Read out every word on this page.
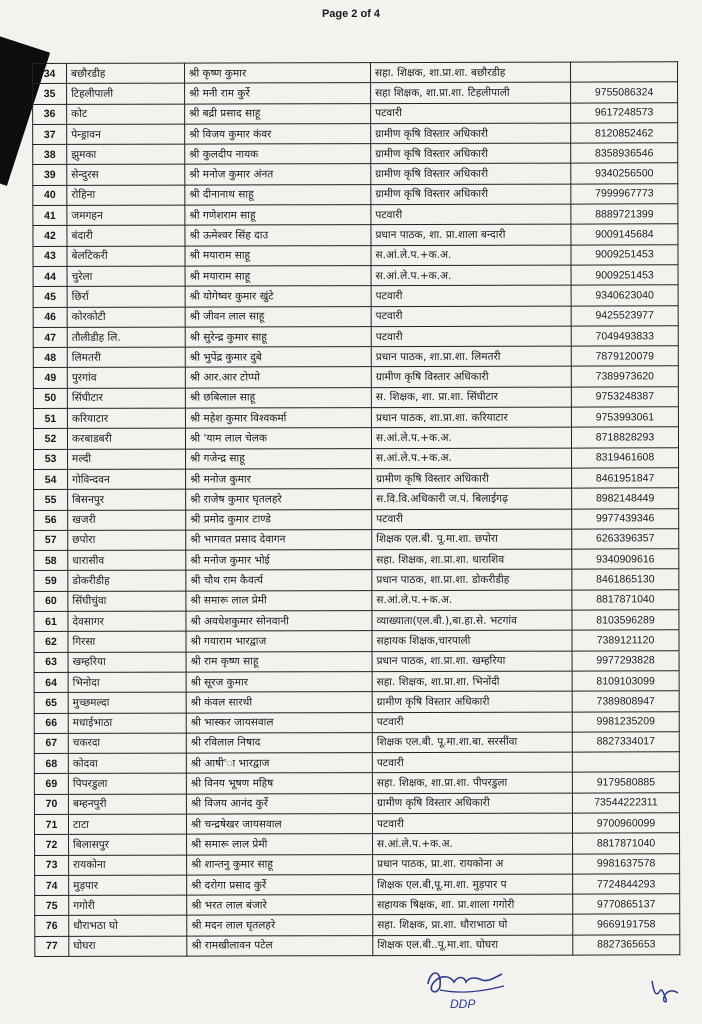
Page 2 of 4
34	बछौरडीह	श्री कृष्ण कुमार	सहा. शिक्षक, शा.प्रा.शा. बछौरडीह	
35	टिहलीपाली	श्री मनी राम कुर्रे	सहा शिक्षक, शा.प्रा.शा. टिहलीपाली	9755086324
36	कोट	श्री बद्री प्रसाद साहू	पटवारी	9617248573
37	पेन्ड्रावन	श्री विजय कुमार कंवर	ग्रामीण कृषि विस्तार अधिकारी	8120852462
38	झुमका	श्री कुलदीप नायक	ग्रामीण कृषि विस्तार अधिकारी	8358936546
39	सेन्दुरस	श्री मनोज कुमार अंनत	ग्रामीण कृषि विस्तार अधिकारी	9340256500
40	रोहिना	श्री दीनानाथ साहू	ग्रामीण कृषि विस्तार अधिकारी	7999967773
41	जमगहन	श्री गणेशराम साहू	पटवारी	8889721399
42	बंदारी	श्री ऊमेश्वर सिंह दाउ	प्रधान पाठक, शा. प्रा.शाला बन्दारी	9009145684
43	बेलटिकरी	श्री मयाराम साहू	स.आं.ले.प.+क.अ.	9009251453
44	चुरेला	श्री मयाराम साहू	स.आं.ले.प.+क.अ.	9009251453
45	छिर्रा	श्री योगेष्वर कुमार खुंटे	पटवारी	9340623040
46	कोरकोटी	श्री जीवन लाल साहू	पटवारी	9425523977
47	तौलीडीह लि.	श्री सुरेन्द्र कुमार साहू	पटवारी	7049493833
48	लिमतरी	श्री भुपेंद्र कुमार दुबे	प्रधान पाठक, शा.प्रा.शा. लिमतरी	7879120079
49	पुरगांव	श्री आर.आर टोप्पो	ग्रामीण कृषि विस्तार अधिकारी	7389973620
50	सिंघीटार	श्री छबिलाल साहू	स. शिक्षक, शा. प्रा.शा. सिंघीटार	9753248387
51	करियाटार	श्री महेश कुमार विश्वकर्मा	प्रधान पाठक, शा.प्रा.शा. करियाटार	9753993061
52	करबाडबरी	श्री 'याम लाल चेलक	स.आं.ले.प.+क.अ.	8718828293
53	मल्दी	श्री गजेन्द्र साहू	स.आं.ले.प.+क.अ.	8319461608
54	गोविन्दवन	श्री मनोज कुमार	ग्रामीण कृषि विस्तार अधिकारी	8461951847
55	बिसनपुर	श्री राजेष कुमार घृतलहरे	स.वि.वि.अधिकारी ज.पं. बिलाईगढ़	8982148449
56	खजरी	श्री प्रमोद कुमार टाण्डे	पटवारी	9977439346
57	छपोरा	श्री भागवत प्रसाद देवागन	शिक्षक एल.बी. पू.मा.शा. छपोरा	6263396357
58	धारासीव	श्री मनोज कुमार भोई	सहा. शिक्षक, शा.प्रा.शा. धाराशिव	9340909616
59	डोकरीडीह	श्री चौथ राम कैवर्त्य	प्रधान पाठक, शा.प्रा.शा. डोकरीडीह	8461865130
60	सिंघीचुंवा	श्री समारू लाल प्रेमी	स.आं.ले.प.+क.अ.	8817871040
61	देवसागर	श्री अवधेशकुमार सोनवानी	व्याख्याता(एल.बी.),बा.हा.से. भटगांव	8103596289
62	गिरसा	श्री गयाराम भारद्वाज	सहायक शिक्षक,चारपाली	7389121120
63	खम्हरिया	श्री राम कृष्ण साहू	प्रधान पाठक, शा.प्रा.शा. खम्हरिया	9977293828
64	भिनोदा	श्री सूरज कुमार	सहा. शिक्षक, शा.प्रा.शा. भिनोंदी	8109103099
65	मुच्छमल्दा	श्री कंवल सारथी	ग्रामीण कृषि विस्तार अधिकारी	7389808947
66	मधाईभाठा	श्री भास्कर जायसवाल	पटवारी	9981235209
67	चकरदा	श्री रविलाल निषाद	शिक्षक एल.बी. पू.मा.शा.बा. सरसींवा	8827334017
68	कोदवा	श्री आषी'ा भारद्वाज	पटवारी	
69	पिपरडुला	श्री विनय भूषण महिष	सहा. शिक्षक, शा.प्रा.शा. पीपरडुला	9179580885
70	बम्हनपुरी	श्री विजय आनंद कुर्रे	ग्रामीण कृषि विस्तार अधिकारी	73544222311
71	टाटा	श्री चन्द्रषेखर जायसवाल	पटवारी	9700960099
72	बिलासपुर	श्री समारू लाल प्रेमी	स.आं.ले.प.+क.अ.	8817871040
73	रायकोना	श्री शान्तनु कुमार साहू	प्रधान पाठक, प्रा.शा. रायकोना अ	9981637578
74	मुड़पार	श्री दरोगा प्रसाद कुर्रे	शिक्षक एल.बी,पू.मा.शा. मुड़पार प	7724844293
75	गगोरी	श्री भरत लाल बंजारे	सहायक षिक्षक, शा. प्रा.शाला गगोरी	9770865137
76	धौराभठा घो	श्री मदन लाल घृतलहरे	सहा. शिक्षक, प्रा.शा. धौराभाठा घो	9669191758
77	घोघरा	श्री रामखीलावन पटेल	शिक्षक एल.बी..पू.मा.शा. घोघरा	8827365653
DDP
